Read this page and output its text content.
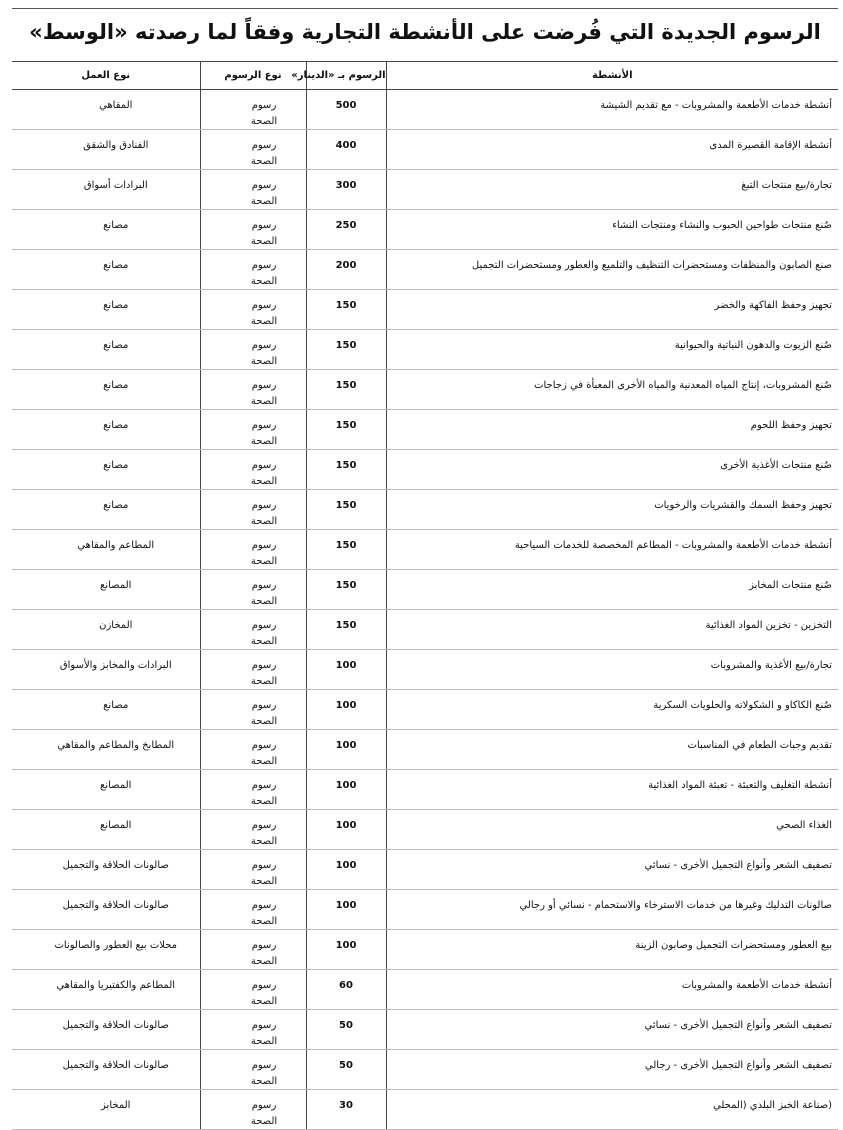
الرسوم الجديدة التي فُرضت على الأنشطة التجارية وفقاً لما رصدته «الوسط»
الأنشطة	الرسوم بـ «الدينار»	نوع الرسوم	نوع العمل
أنشطة خدمات الأطعمة والمشروبات - مع تقديم الشيشة	500	رسوم الصحة	المقاهي
أنشطة الإقامة القصيرة المدى	400	رسوم الصحة	الفنادق والشقق
تجارة/بيع منتجات التبغ	300	رسوم الصحة	البرادات أسواق
صُنع منتجات طواحين الحبوب والنشاء ومنتجات النشاء	250	رسوم الصحة	مصانع
صنع الصابون والمنظفات ومستحضرات التنظيف والتلميع والعطور ومستحضرات التجميل	200	رسوم الصحة	مصانع
تجهيز وحفظ الفاكهة والخضر	150	رسوم الصحة	مصانع
صُنع الزيوت والدهون النباتية والحيوانية	150	رسوم الصحة	مصانع
صُنع المشروبات، إنتاج المياه المعدنية والمياه الأخرى المعبأة في زجاجات	150	رسوم الصحة	مصانع
تجهيز وحفظ اللحوم	150	رسوم الصحة	مصانع
صُنع منتجات الأغذية الأخرى	150	رسوم الصحة	مصانع
تجهيز وحفظ السمك والقشريات والرخويات	150	رسوم الصحة	مصانع
أنشطة خدمات الأطعمة والمشروبات - المطاعم المخصصة للخدمات السياحية	150	رسوم الصحة	المطاعم والمقاهي
صُنع منتجات المخابز	150	رسوم الصحة	المصانع
التخزين - تخزين المواد الغذائية	150	رسوم الصحة	المخازن
تجارة/بيع الأغذية والمشروبات	100	رسوم الصحة	البرادات والمخابز والأسواق
صُنع الكاكاو و الشكولاته والحلويات السكرية	100	رسوم الصحة	مصانع
تقديم وجبات الطعام في المناسبات	100	رسوم الصحة	المطابخ والمطاعم والمقاهي
أنشطة التغليف والتعبئة - تعبئة المواد الغذائية	100	رسوم الصحة	المصانع
الغذاء الصحي	100	رسوم الصحة	المصانع
تصفيف الشعر وأنواع التجميل الأخرى - نسائي	100	رسوم الصحة	صالونات الحلاقة والتجميل
صالونات التدليك وغيرها من خدمات الاسترخاء والاستحمام - نسائي أو رجالي	100	رسوم الصحة	صالونات الحلاقة والتجميل
بيع العطور ومستحضرات التجميل وصابون الزينة	100	رسوم الصحة	محلات بيع العطور والصالونات
أنشطة خدمات الأطعمة والمشروبات	60	رسوم الصحة	المطاعم والكفتيريا والمقاهي
تصفيف الشعر وأنواع التجميل الأخرى - نسائي	50	رسوم الصحة	صالونات الحلاقة والتجميل
تصفيف الشعر وأنواع التجميل الأخرى - رجالي	50	رسوم الصحة	صالونات الحلاقة والتجميل
(صناعة الخبز البلدي (المحلي	30	رسوم الصحة	المخابز
